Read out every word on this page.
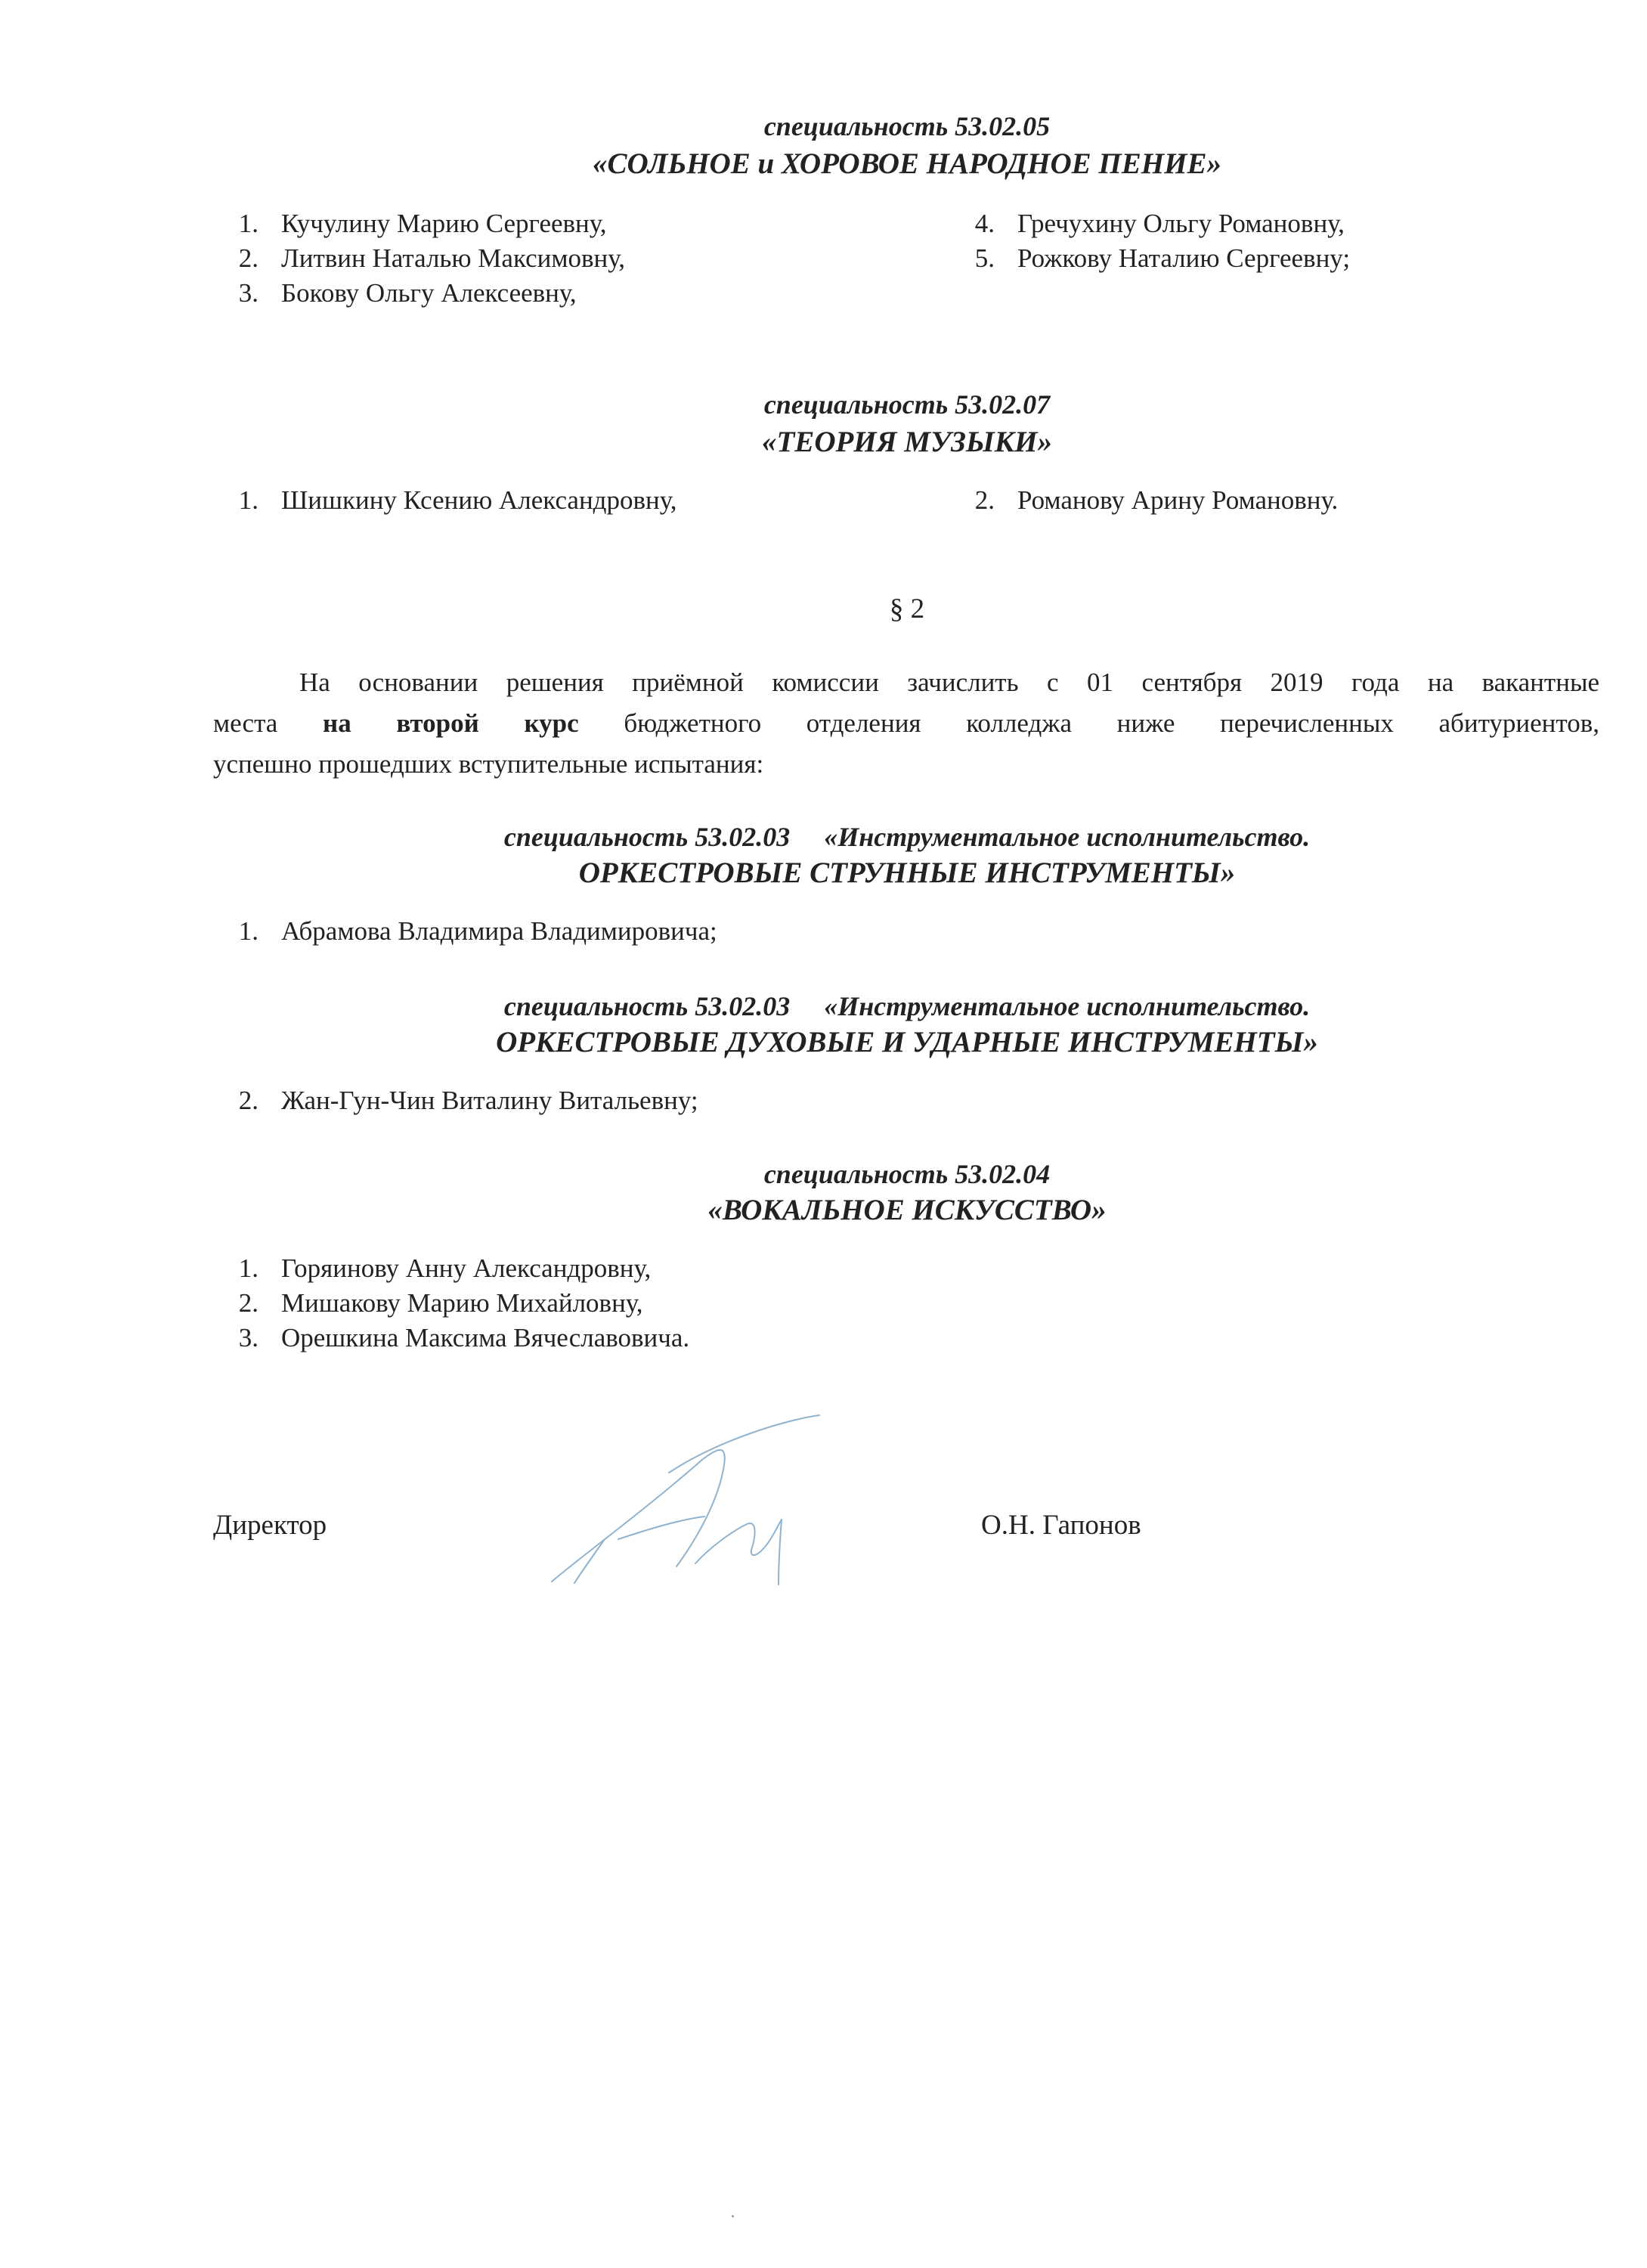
специальность 53.02.05
«СОЛЬНОЕ и ХОРОВОЕ НАРОДНОЕ ПЕНИЕ»
1. Кучулину Марию Сергеевну,
2. Литвин Наталью Максимовну,
3. Бокову Ольгу Алексеевну,
4. Гречухину Ольгу Романовну,
5. Рожкову Наталию Сергеевну;
специальность 53.02.07
«ТЕОРИЯ МУЗЫКИ»
1. Шишкину Ксению Александровну,	2. Романову Арину Романовну.
§ 2
На основании решения приёмной комиссии зачислить с 01 сентября 2019 года на вакантные
места на второй курс бюджетного отделения колледжа ниже перечисленных абитуриентов,
успешно прошедших вступительные испытания:
специальность 53.02.03     «Инструментальное исполнительство.
ОРКЕСТРОВЫЕ СТРУННЫЕ ИНСТРУМЕНТЫ»
1. Абрамова Владимира Владимировича;
специальность 53.02.03     «Инструментальное исполнительство.
ОРКЕСТРОВЫЕ ДУХОВЫЕ И УДАРНЫЕ ИНСТРУМЕНТЫ»
2. Жан-Гун-Чин Виталину Витальевну;
специальность 53.02.04
«ВОКАЛЬНОЕ ИСКУССТВО»
1. Горяинову Анну Александровну,
2. Мишакову Марию Михайловну,
3. Орешкина Максима Вячеславовича.
Директор	О.Н. Гапонов
